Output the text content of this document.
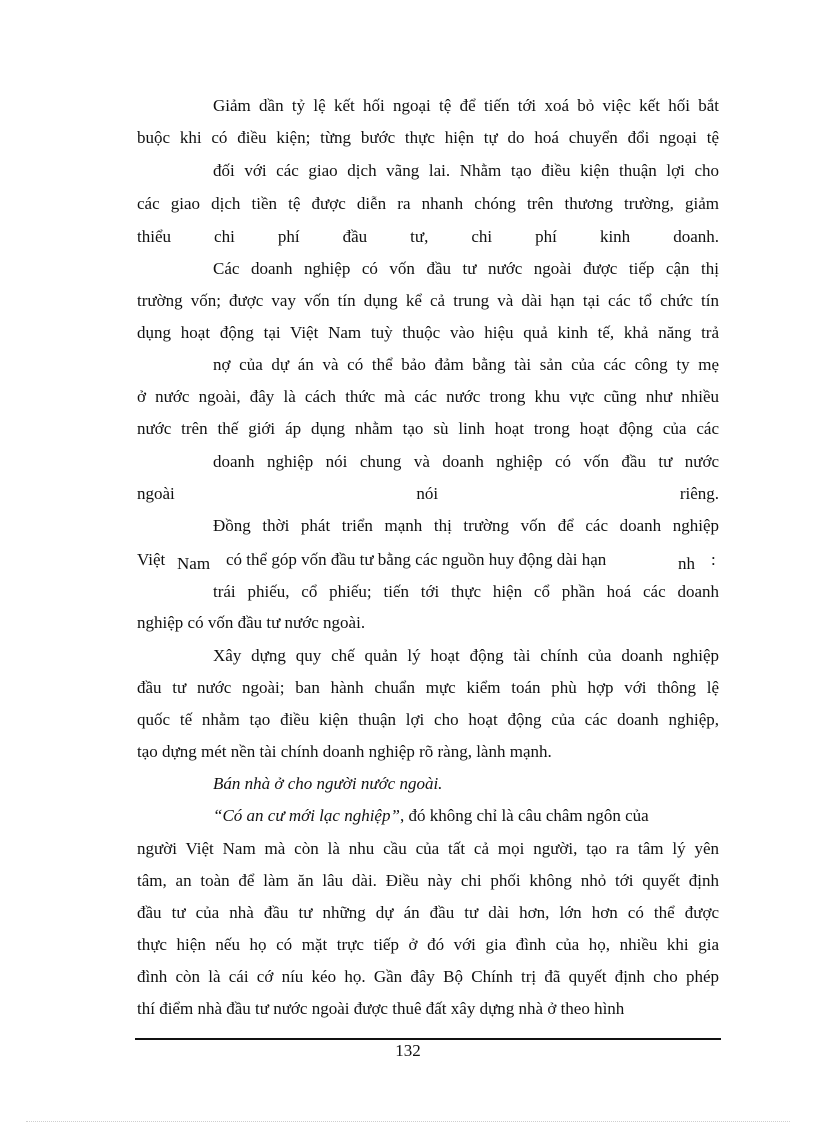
Giảm dần tỷ lệ kết hối ngoại tệ để tiến tới xoá bỏ việc kết hối bắt
buộc khi có điều kiện; từng bước thực hiện tự do hoá chuyển đổi ngoại tệ
đối với các giao dịch vãng lai. Nhằm tạo điều kiện thuận lợi cho
các giao dịch tiền tệ được diễn ra nhanh chóng trên thương trường, giảm
thiểu chi phí đầu tư, chi phí kinh doanh.
Các doanh nghiệp có vốn đầu tư nước ngoài được tiếp cận thị
trường vốn; được vay vốn tín dụng kể cả trung và dài hạn tại các tổ chức tín
dụng hoạt động tại Việt Nam tuỳ thuộc vào hiệu quả kinh tế, khả năng trả
nợ của dự án và có thể bảo đảm bằng tài sản của các công ty mẹ
ở nước ngoài, đây là cách thức mà các nước trong khu vực cũng như nhiều
nước trên thế giới áp dụng nhằm tạo sù linh hoạt trong hoạt động của các
doanh nghiệp nói chung và doanh nghiệp có vốn đầu tư nước
ngoài nói riêng.
Đồng thời phát triển mạnh thị trường vốn để các doanh nghiệp
Việt Nam có thể góp vốn đầu tư bằng các nguồn huy động dài hạn	nh :
trái phiếu, cổ phiếu; tiến tới thực hiện cổ phần hoá các doanh
nghiệp có vốn đầu tư nước ngoài.
Xây dựng quy chế quản lý hoạt động tài chính của doanh nghiệp
đầu tư nước ngoài; ban hành chuẩn mực kiểm toán phù hợp với thông lệ
quốc tế nhằm tạo điều kiện thuận lợi cho hoạt động của các doanh nghiệp,
tạo dựng mét nền tài chính doanh nghiệp rõ ràng, lành mạnh.
Bán nhà ở cho người nước ngoài.
“Có an cư mới lạc nghiệp”, đó không chỉ là câu châm ngôn của
người Việt Nam mà còn là nhu cầu của tất cả mọi người, tạo ra tâm lý yên
tâm, an toàn để làm ăn lâu dài. Điều này chi phối không nhỏ tới quyết định
đầu tư của nhà đầu tư những dự án đầu tư dài hơn, lớn hơn có thể được
thực hiện nếu họ có mặt trực tiếp ở đó với gia đình của họ, nhiều khi gia
đình còn là cái cớ níu kéo họ. Gần đây Bộ Chính trị đã quyết định cho phép
thí điểm nhà đầu tư nước ngoài được thuê đất xây dựng nhà ở theo hình
132
